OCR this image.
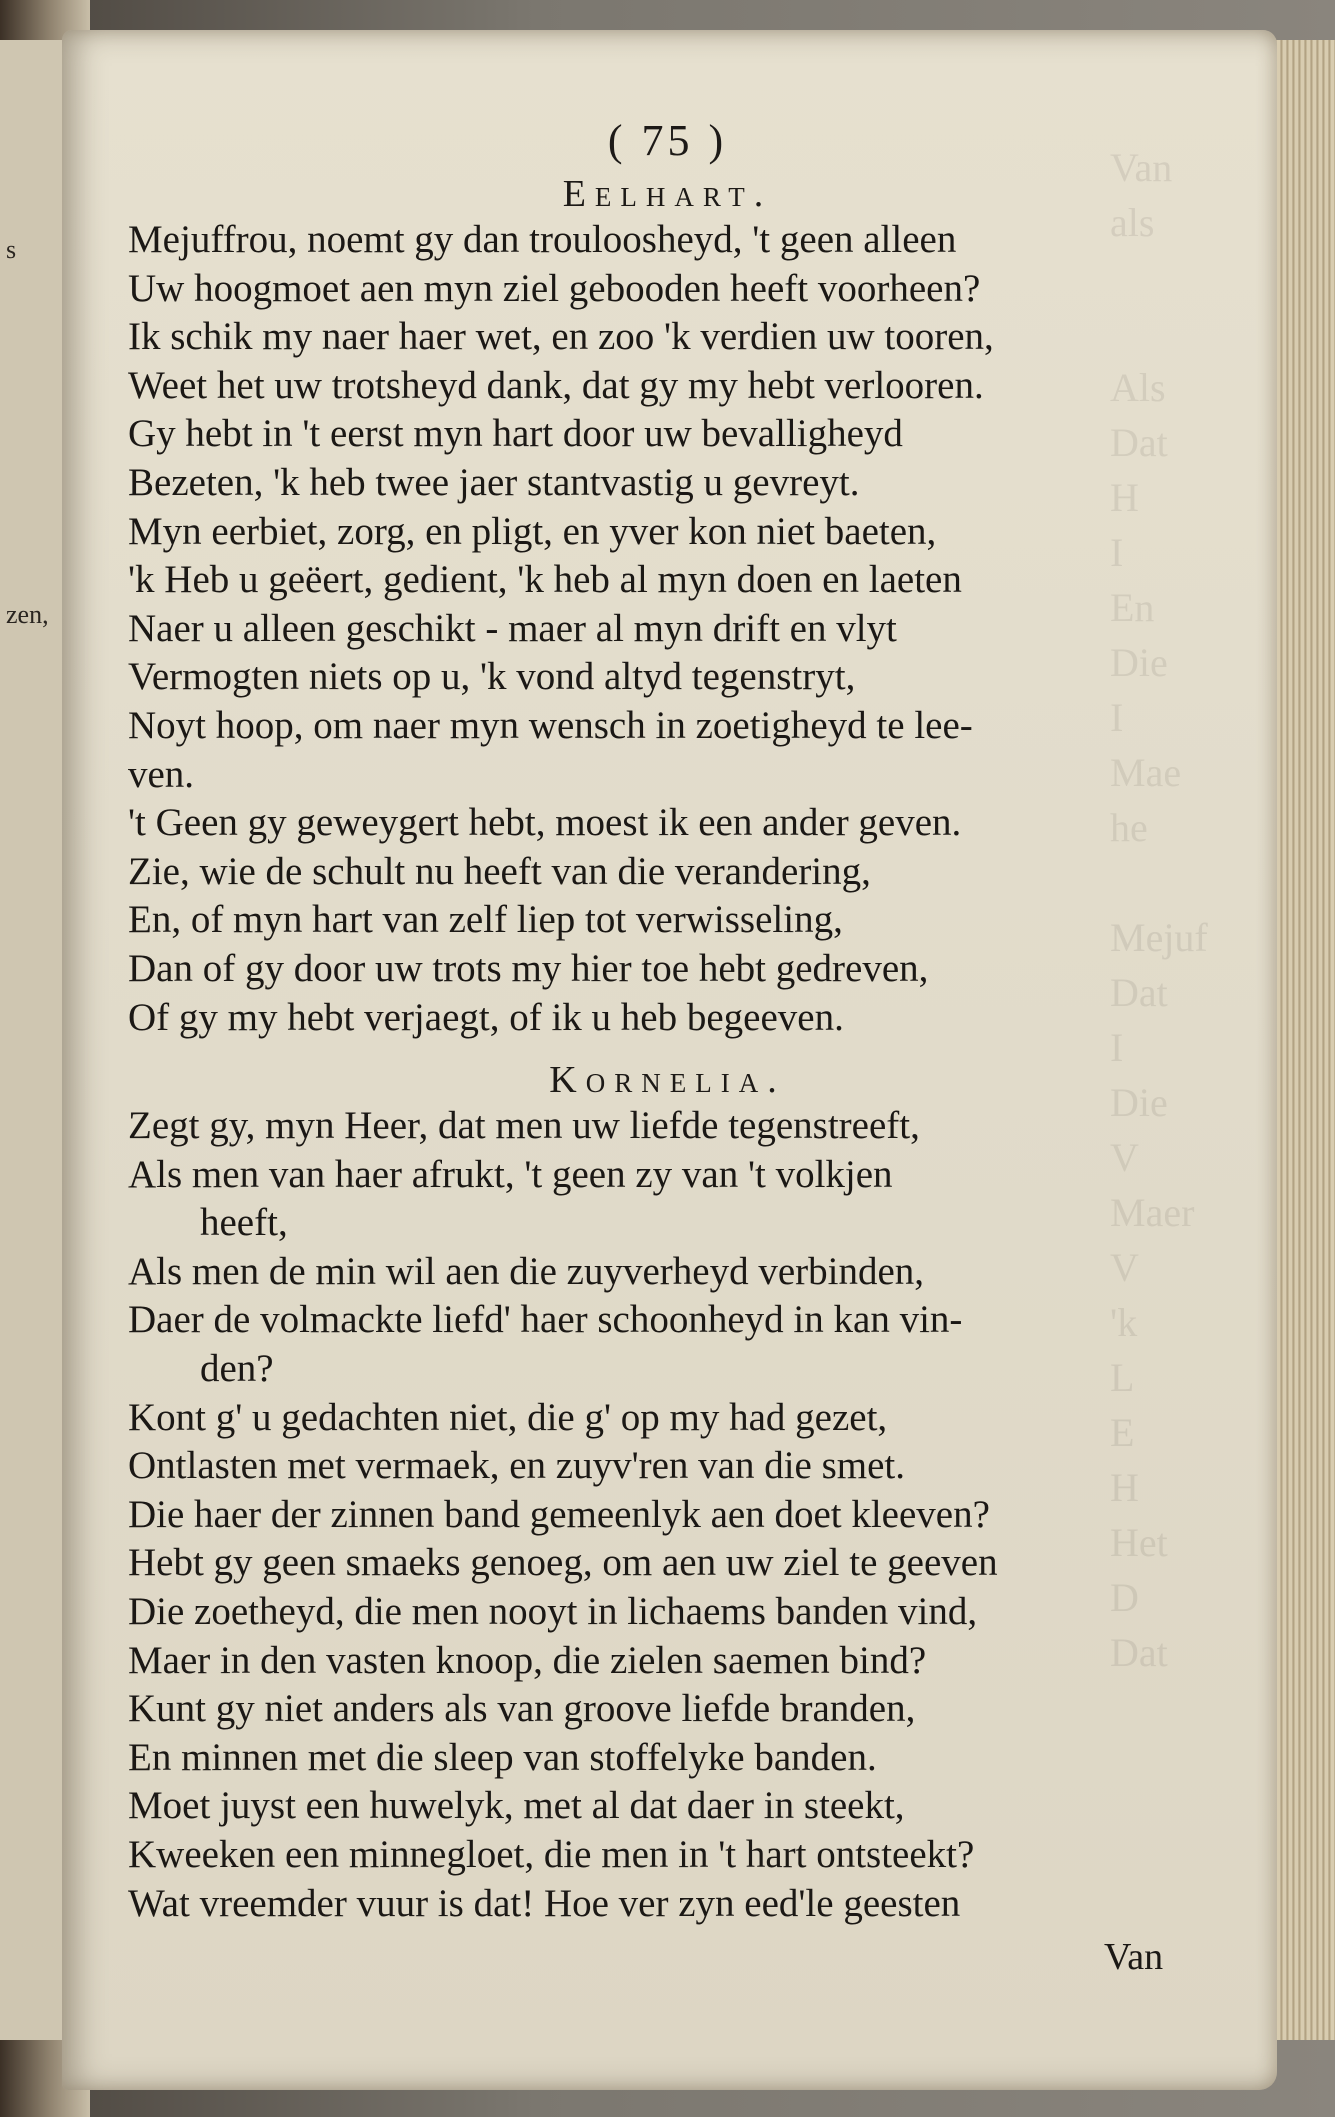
s
zen,
Van
als

Als
Dat
H
I
En
Die
I
Mae
he

Mejuf
Dat
I
Die
V
Maer
V
'k
L
E
H
Het
D
Dat
( 75 )
Eelhart.
Mejuffrou, noemt gy dan trouloosheyd, 't geen alleen
Uw hoogmoet aen myn ziel gebooden heeft voorheen?
Ik schik my naer haer wet, en zoo 'k verdien uw tooren,
Weet het uw trotsheyd dank, dat gy my hebt verlooren.
Gy hebt in 't eerst myn hart door uw bevalligheyd
Bezeten, 'k heb twee jaer stantvastig u gevreyt.
Myn eerbiet, zorg, en pligt, en yver kon niet baeten,
'k Heb u geëert, gedient, 'k heb al myn doen en laeten
Naer u alleen geschikt - maer al myn drift en vlyt
Vermogten niets op u, 'k vond altyd tegenstryt,
Noyt hoop, om naer myn wensch in zoetigheyd te lee-
ven.
't Geen gy geweygert hebt, moest ik een ander geven.
Zie, wie de schult nu heeft van die verandering,
En, of myn hart van zelf liep tot verwisseling,
Dan of gy door uw trots my hier toe hebt gedreven,
Of gy my hebt verjaegt, of ik u heb begeeven.
Kornelia.
Zegt gy, myn Heer, dat men uw liefde tegenstreeft,
Als men van haer afrukt, 't geen zy van 't volkjen
heeft,
Als men de min wil aen die zuyverheyd verbinden,
Daer de volmackte liefd' haer schoonheyd in kan vin-
den?
Kont g' u gedachten niet, die g' op my had gezet,
Ontlasten met vermaek, en zuyv'ren van die smet.
Die haer der zinnen band gemeenlyk aen doet kleeven?
Hebt gy geen smaeks genoeg, om aen uw ziel te geeven
Die zoetheyd, die men nooyt in lichaems banden vind,
Maer in den vasten knoop, die zielen saemen bind?
Kunt gy niet anders als van groove liefde branden,
En minnen met die sleep van stoffelyke banden.
Moet juyst een huwelyk, met al dat daer in steekt,
Kweeken een minnegloet, die men in 't hart ontsteekt?
Wat vreemder vuur is dat! Hoe ver zyn eed'le geesten
Van
